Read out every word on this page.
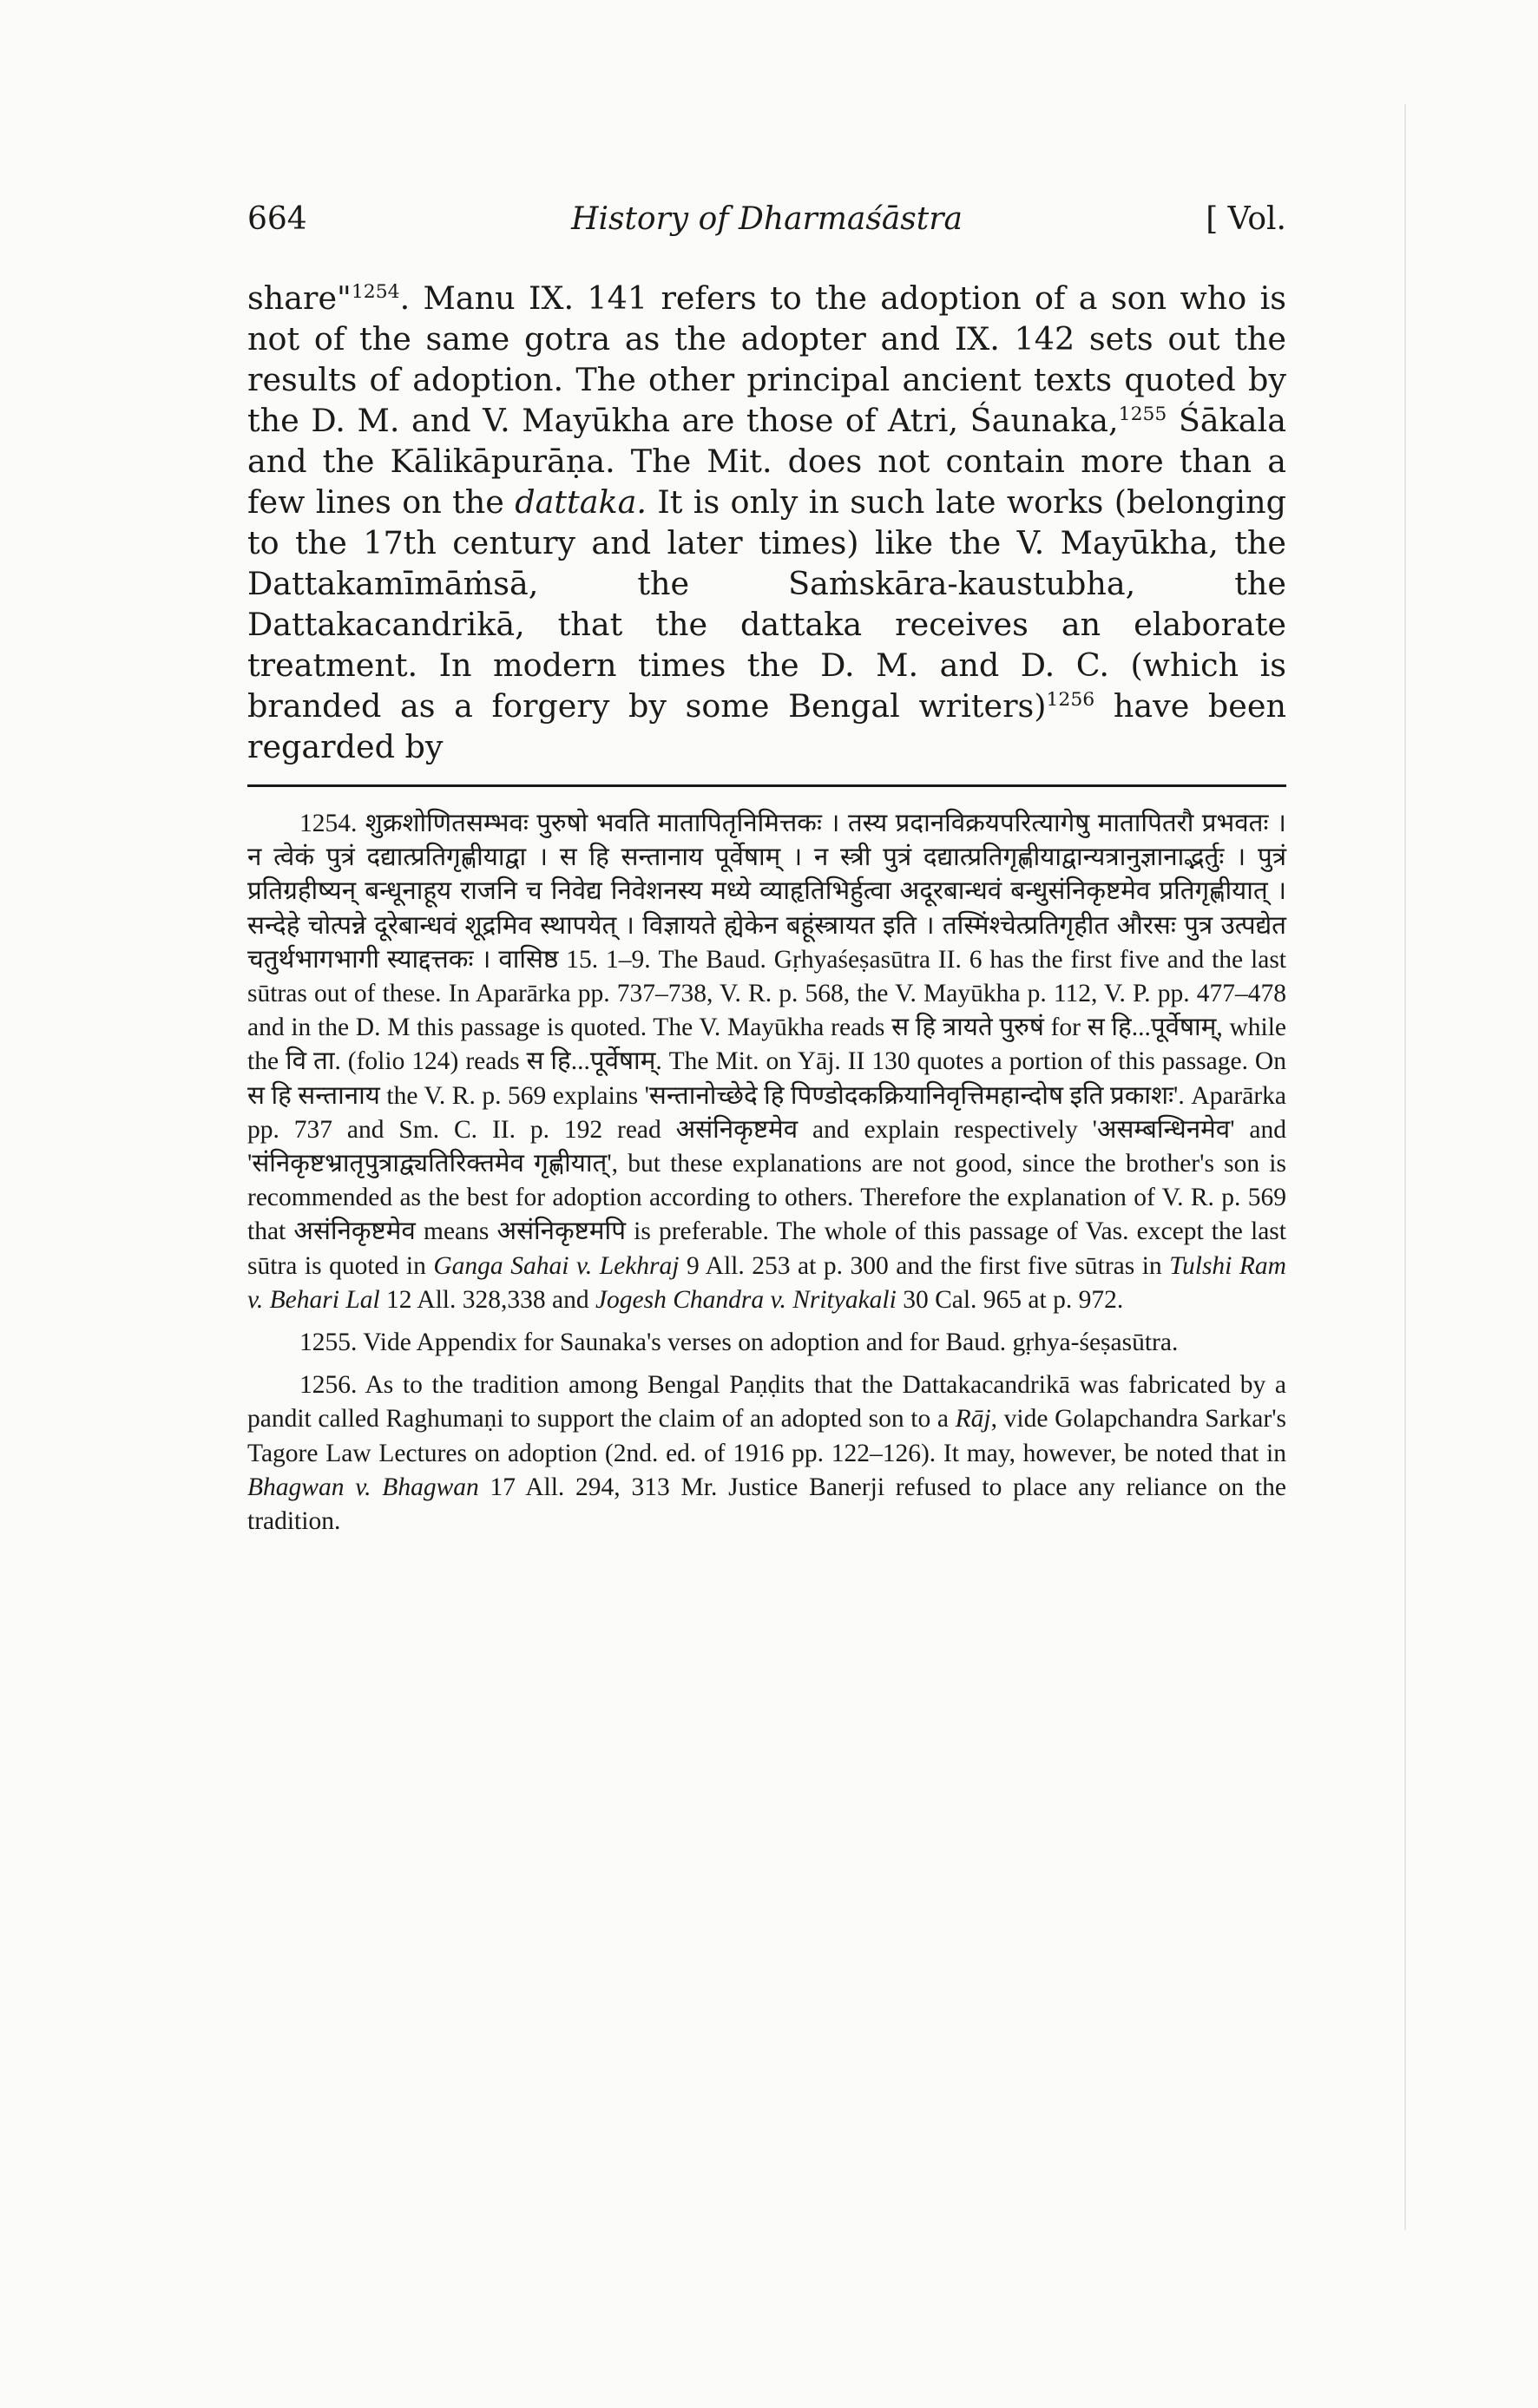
664	History of Dharmaśāstra	[ Vol.

share"$^{1254}$. Manu IX. 141 refers to the adoption of a son who is not of the same gotra as the adopter and IX. 142 sets out the results of adoption. The other principal ancient texts quoted by the D. M. and V. Mayūkha are those of Atri, Śaunaka,$^{1255}$ Śākala and the Kālikāpurāṇa. The Mit. does not contain more than a few lines on the dattaka. It is only in such late works (belonging to the 17th century and later times) like the V. Mayūkha, the Dattakamīmāṁsā, the Saṁskāra-kaustubha, the Dattakacandrikā, that the dattaka receives an elaborate treatment. In modern times the D. M. and D. C. (which is branded as a forgery by some Bengal writers)$^{1256}$ have been regarded by

1254. शुक्रशोणितसम्भवः पुरुषो भवति मातापितृनिमित्तकः । तस्य प्रदानविक्रयपरित्यागेषु मातापितरौ प्रभवतः । न त्वेकं पुत्रं दद्यात्प्रतिगृह्णीयाद्वा । स हि सन्तानाय पूर्वेषाम् । न स्त्री पुत्रं दद्यात्प्रतिगृह्णीयाद्वान्यत्रानुज्ञानाद्भर्तुः । पुत्रं प्रतिग्रहीष्यन् बन्धूनाहूय राजनि च निवेद्य निवेशनस्य मध्ये व्याहृतिभिर्हुत्वा अदूरबान्धवं बन्धुसंनिकृष्टमेव प्रतिगृह्णीयात् । सन्देहे चोत्पन्ने दूरेबान्धवं शूद्रमिव स्थापयेत् । विज्ञायते ह्येकेन बहूंस्त्रायत इति । तस्मिंश्चेत्प्रतिगृहीत औरसः पुत्र उत्पद्येत चतुर्थभागभागी स्याद्दत्तकः । वासिष्ठ 15. 1–9. The Baud. Gṛhyaśeṣasūtra II. 6 has the first five and the last sūtras out of these. In Aparārka pp. 737–738, V. R. p. 568, the V. Mayūkha p. 112, V. P. pp. 477–478 and in the D. M this passage is quoted. The V. Mayūkha reads स हि त्रायते पुरुषं for स हि...पूर्वेषाम्, while the वि ता. (folio 124) reads स हि...पूर्वेषाम्. The Mit. on Yāj. II 130 quotes a portion of this passage. On स हि सन्तानाय the V. R. p. 569 explains 'सन्तानोच्छेदे हि पिण्डोदकक्रियानिवृत्तिमहान्दोष इति प्रकाशः'. Aparārka pp. 737 and Sm. C. II. p. 192 read असंनिकृष्टमेव and explain respectively 'असम्बन्धिनमेव' and 'संनिकृष्टभ्रातृपुत्राद्व्यतिरिक्तमेव गृह्णीयात्', but these explanations are not good, since the brother's son is recommended as the best for adoption according to others. Therefore the explanation of V. R. p. 569 that असंनिकृष्टमेव means असंनिकृष्टमपि is preferable. The whole of this passage of Vas. except the last sūtra is quoted in Ganga Sahai v. Lekhraj 9 All. 253 at p. 300 and the first five sūtras in Tulshi Ram v. Behari Lal 12 All. 328,338 and Jogesh Chandra v. Nrityakali 30 Cal. 965 at p. 972.

1255. Vide Appendix for Saunaka's verses on adoption and for Baud. gṛhya-śeṣasūtra.

1256. As to the tradition among Bengal Paṇḍits that the Dattakacandrikā was fabricated by a pandit called Raghumaṇi to support the claim of an adopted son to a Rāj, vide Golapchandra Sarkar's Tagore Law Lectures on adoption (2nd. ed. of 1916 pp. 122–126). It may, however, be noted that in Bhagwan v. Bhagwan 17 All. 294, 313 Mr. Justice Banerji refused to place any reliance on the tradition.
